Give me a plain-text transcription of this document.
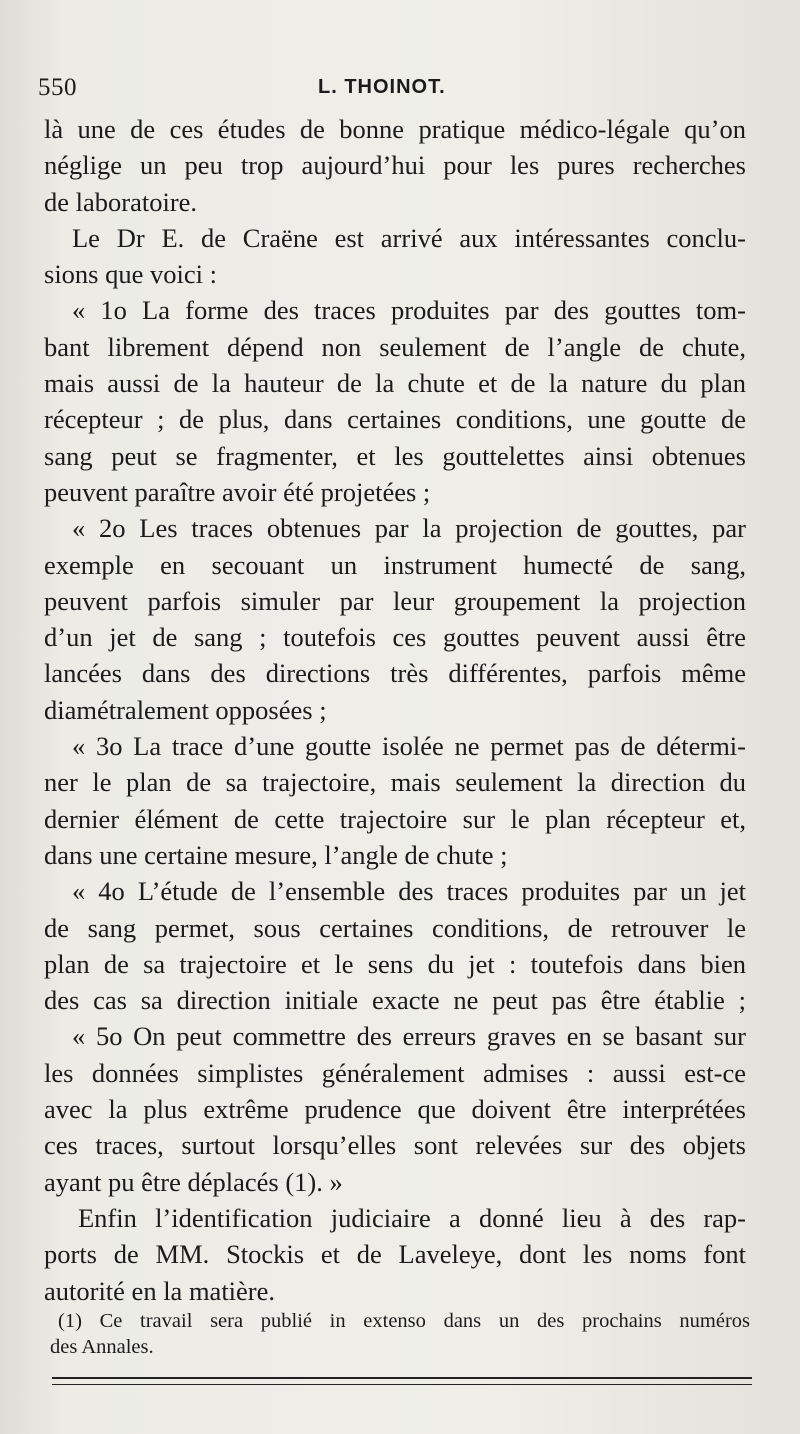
550	L. THOINOT.
là une de ces études de bonne pratique médico-légale qu’on
néglige un peu trop aujourd’hui pour les pures recherches
de laboratoire.
Le Dr E. de Craëne est arrivé aux intéressantes conclu-
sions que voici :
« 1o La forme des traces produites par des gouttes tom-
bant librement dépend non seulement de l’angle de chute,
mais aussi de la hauteur de la chute et de la nature du plan
récepteur ; de plus, dans certaines conditions, une goutte de
sang peut se fragmenter, et les gouttelettes ainsi obtenues
peuvent paraître avoir été projetées ;
« 2o Les traces obtenues par la projection de gouttes, par
exemple en secouant un instrument humecté de sang,
peuvent parfois simuler par leur groupement la projection
d’un jet de sang ; toutefois ces gouttes peuvent aussi être
lancées dans des directions très différentes, parfois même
diamétralement opposées ;
« 3o La trace d’une goutte isolée ne permet pas de détermi-
ner le plan de sa trajectoire, mais seulement la direction du
dernier élément de cette trajectoire sur le plan récepteur et,
dans une certaine mesure, l’angle de chute ;
« 4o L’étude de l’ensemble des traces produites par un jet
de sang permet, sous certaines conditions, de retrouver le
plan de sa trajectoire et le sens du jet : toutefois dans bien
des cas sa direction initiale exacte ne peut pas être établie ;
« 5o On peut commettre des erreurs graves en se basant sur
les données simplistes généralement admises : aussi est-ce
avec la plus extrême prudence que doivent être interprétées
ces traces, surtout lorsqu’elles sont relevées sur des objets
ayant pu être déplacés (1). »
Enfin l’identification judiciaire a donné lieu à des rap-
ports de MM. Stockis et de Laveleye, dont les noms font
autorité en la matière.
(1) Ce travail sera publié in extenso dans un des prochains numéros
des Annales.
